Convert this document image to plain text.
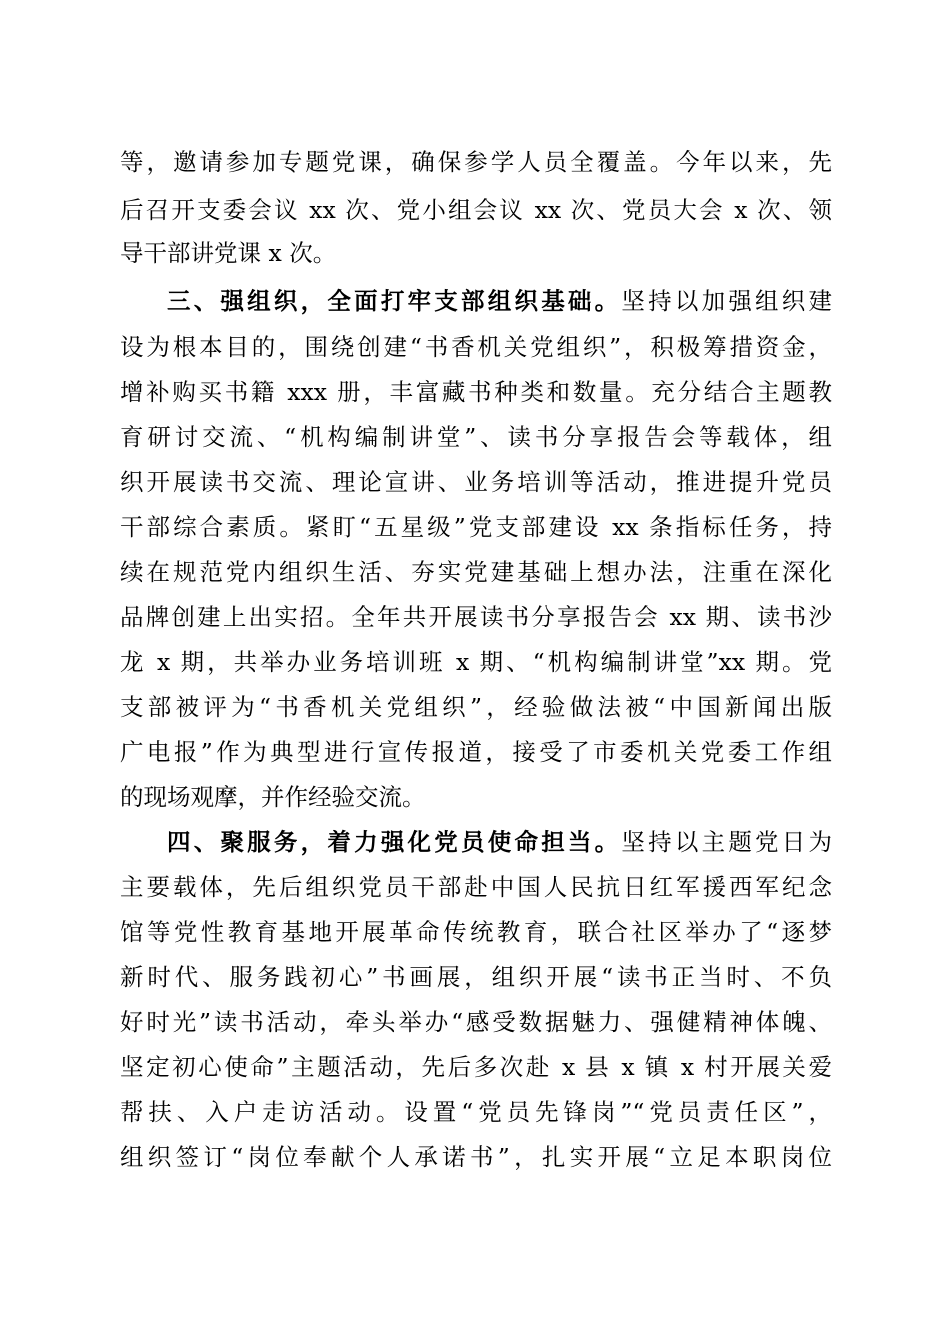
等，邀请参加专题党课，确保参学人员全覆盖。今年以来，先
后召开支委会议 xx 次、党小组会议 xx 次、党员大会 x 次、领
导干部讲党课 x 次。
三、强组织，全面打牢支部组织基础。坚持以加强组织建
设为根本目的，围绕创建“书香机关党组织”，积极筹措资金，
增补购买书籍 xxx 册，丰富藏书种类和数量。充分结合主题教
育研讨交流、“机构编制讲堂”、读书分享报告会等载体，组
织开展读书交流、理论宣讲、业务培训等活动，推进提升党员
干部综合素质。紧盯“五星级”党支部建设 xx 条指标任务，持
续在规范党内组织生活、夯实党建基础上想办法，注重在深化
品牌创建上出实招。全年共开展读书分享报告会 xx 期、读书沙
龙 x 期，共举办业务培训班 x 期、“机构编制讲堂”xx 期。党
支部被评为“书香机关党组织”，经验做法被“中国新闻出版
广电报”作为典型进行宣传报道，接受了市委机关党委工作组
的现场观摩，并作经验交流。
四、聚服务，着力强化党员使命担当。坚持以主题党日为
主要载体，先后组织党员干部赴中国人民抗日红军援西军纪念
馆等党性教育基地开展革命传统教育，联合社区举办了“逐梦
新时代、服务践初心”书画展，组织开展“读书正当时、不负
好时光”读书活动，牵头举办“感受数据魅力、强健精神体魄、
坚定初心使命”主题活动，先后多次赴 x 县 x 镇 x 村开展关爱
帮扶、入户走访活动。设置“党员先锋岗”“党员责任区”，
组织签订“岗位奉献个人承诺书”，扎实开展“立足本职岗位
